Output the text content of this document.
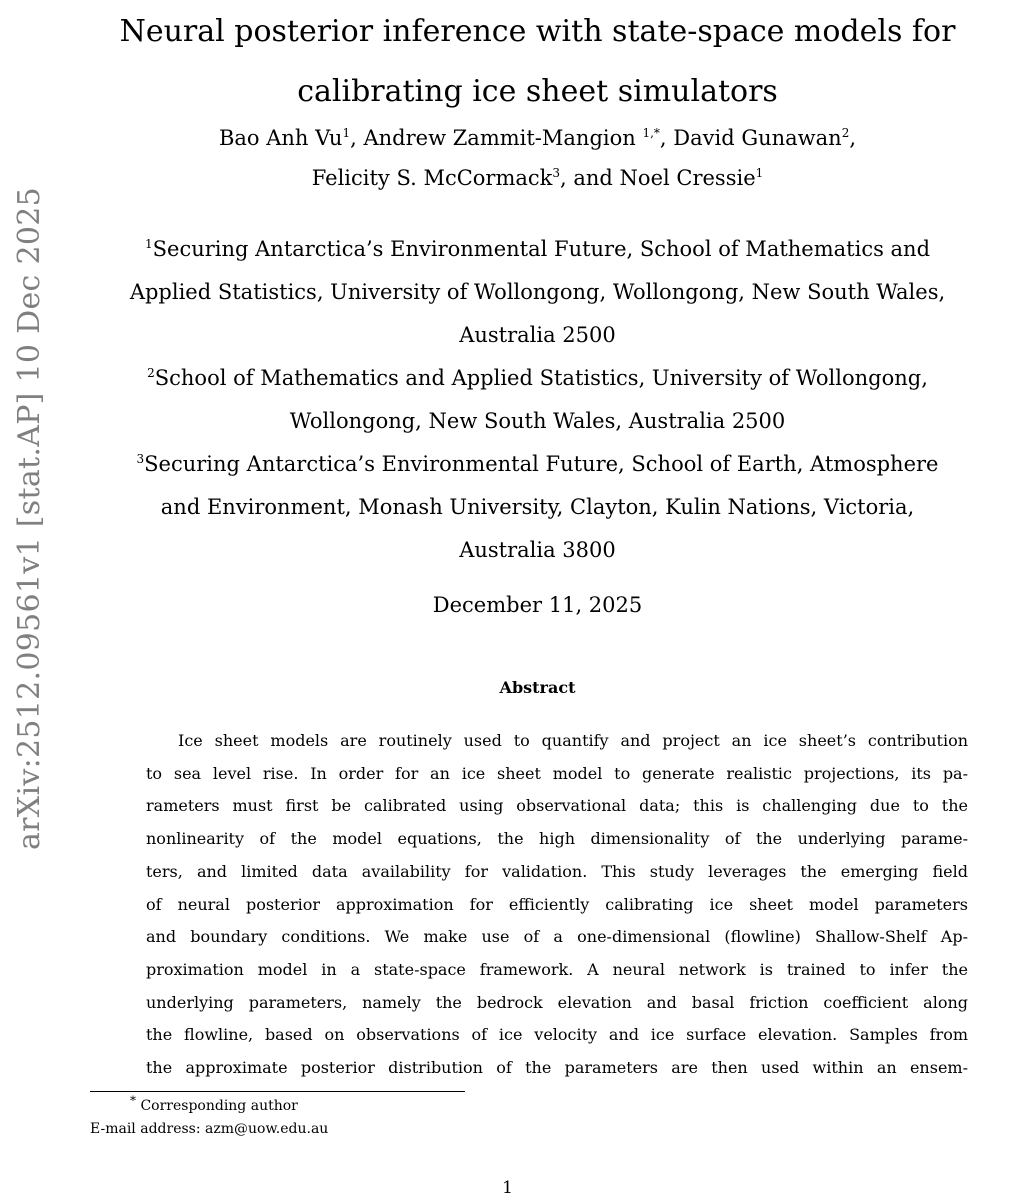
arXiv:2512.09561v1 [stat.AP] 10 Dec 2025
Neural posterior inference with state-space models for
calibrating ice sheet simulators
Bao Anh Vu$^1$, Andrew Zammit-Mangion $^{1,*}$, David Gunawan$^2$,
Felicity S. McCormack$^3$, and Noel Cressie$^1$
$^1$Securing Antarctica’s Environmental Future, School of Mathematics and
Applied Statistics, University of Wollongong, Wollongong, New South Wales,
Australia 2500
$^2$School of Mathematics and Applied Statistics, University of Wollongong,
Wollongong, New South Wales, Australia 2500
$^3$Securing Antarctica’s Environmental Future, School of Earth, Atmosphere
and Environment, Monash University, Clayton, Kulin Nations, Victoria,
Australia 3800
December 11, 2025
Abstract
Ice sheet models are routinely used to quantify and project an ice sheet’s contribution
to sea level rise. In order for an ice sheet model to generate realistic projections, its pa-
rameters must first be calibrated using observational data; this is challenging due to the
nonlinearity of the model equations, the high dimensionality of the underlying parame-
ters, and limited data availability for validation. This study leverages the emerging field
of neural posterior approximation for efficiently calibrating ice sheet model parameters
and boundary conditions. We make use of a one-dimensional (flowline) Shallow-Shelf Ap-
proximation model in a state-space framework. A neural network is trained to infer the
underlying parameters, namely the bedrock elevation and basal friction coefficient along
the flowline, based on observations of ice velocity and ice surface elevation. Samples from
the approximate posterior distribution of the parameters are then used within an ensem-
* Corresponding author
E-mail address: azm@uow.edu.au
1
